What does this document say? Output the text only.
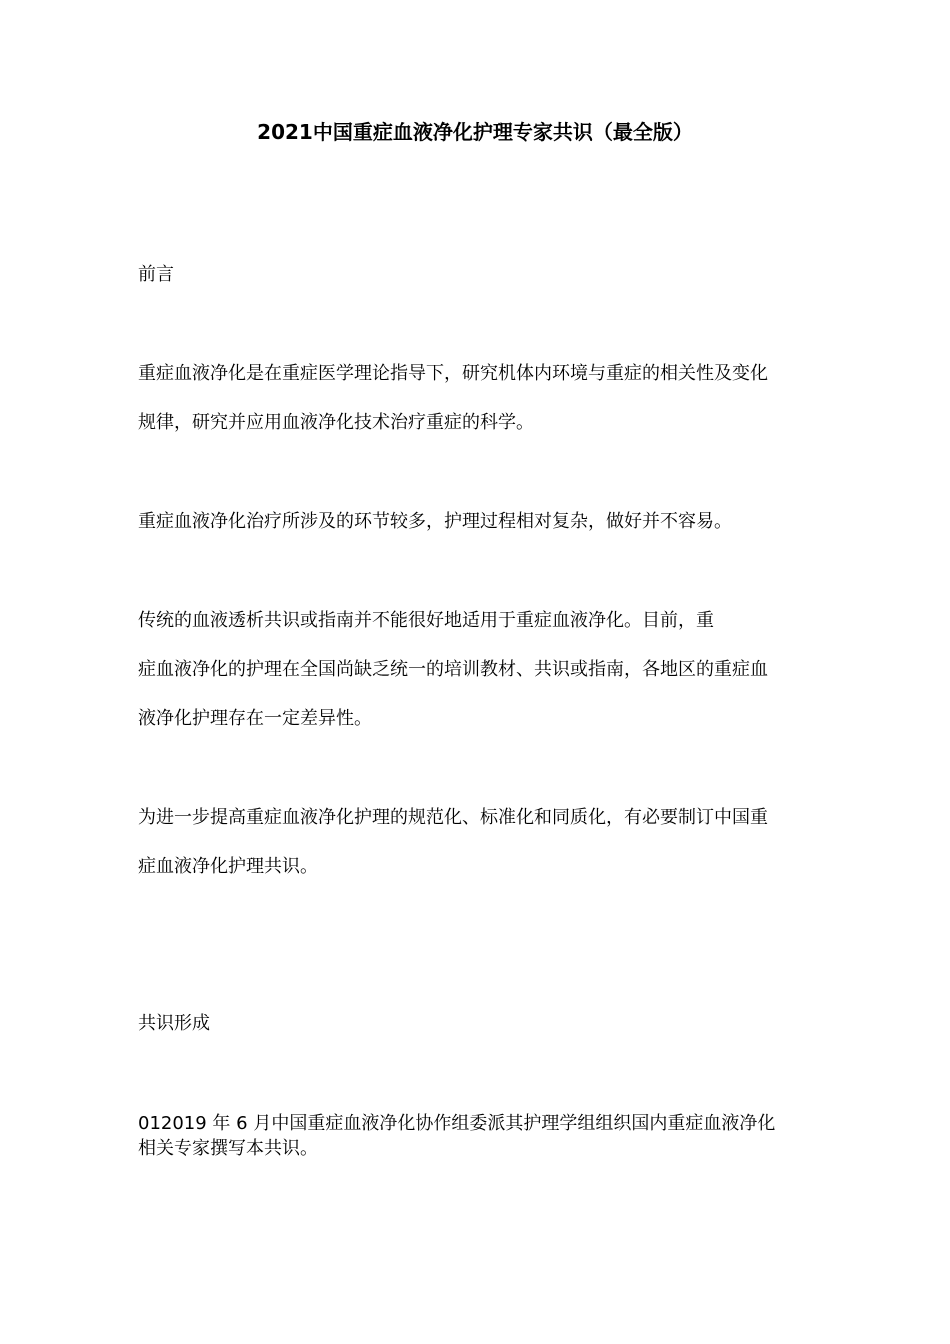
2021中国重症血液净化护理专家共识（最全版）
前言
重症血液净化是在重症医学理论指导下，研究机体内环境与重症的相关性及变化
规律，研究并应用血液净化技术治疗重症的科学。
重症血液净化治疗所涉及的环节较多，护理过程相对复杂，做好并不容易。
传统的血液透析共识或指南并不能很好地适用于重症血液净化。目前，重
症血液净化的护理在全国尚缺乏统一的培训教材、共识或指南，各地区的重症血
液净化护理存在一定差异性。
为进一步提高重症血液净化护理的规范化、标准化和同质化，有必要制订中国重
症血液净化护理共识。
共识形成
012019 年 6 月中国重症血液净化协作组委派其护理学组组织国内重症血液净化
相关专家撰写本共识。
